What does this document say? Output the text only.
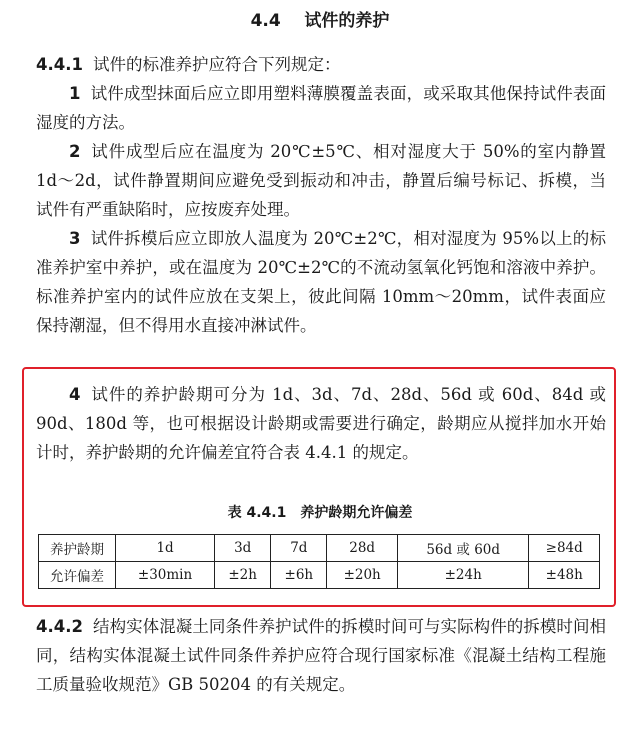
4.4 试件的养护

4.4.1 试件的标准养护应符合下列规定：

1 试件成型抹面后应立即用塑料薄膜覆盖表面，或采取其他保持试件表面湿度的方法。

2 试件成型后应在温度为 20℃±5℃、相对湿度大于 50%的室内静置 1d～2d，试件静置期间应避免受到振动和冲击，静置后编号标记、拆模，当试件有严重缺陷时，应按废弃处理。

3 试件拆模后应立即放人温度为 20℃±2℃，相对湿度为 95%以上的标准养护室中养护，或在温度为 20℃±2℃的不流动氢氧化钙饱和溶液中养护。标准养护室内的试件应放在支架上，彼此间隔 10mm～20mm，试件表面应保持潮湿，但不得用水直接冲淋试件。

4 试件的养护龄期可分为 1d、3d、7d、28d、56d 或 60d、84d 或 90d、180d 等，也可根据设计龄期或需要进行确定，龄期应从搅拌加水开始计时，养护龄期的允许偏差宜符合表 4.4.1 的规定。

表 4.4.1　养护龄期允许偏差
养护龄期	1d	3d	7d	28d	56d 或 60d	≥84d
允许偏差	±30min	±2h	±6h	±20h	±24h	±48h

4.4.2 结构实体混凝土同条件养护试件的拆模时间可与实际构件的拆模时间相同，结构实体混凝土试件同条件养护应符合现行国家标准《混凝土结构工程施工质量验收规范》GB 50204 的有关规定。
